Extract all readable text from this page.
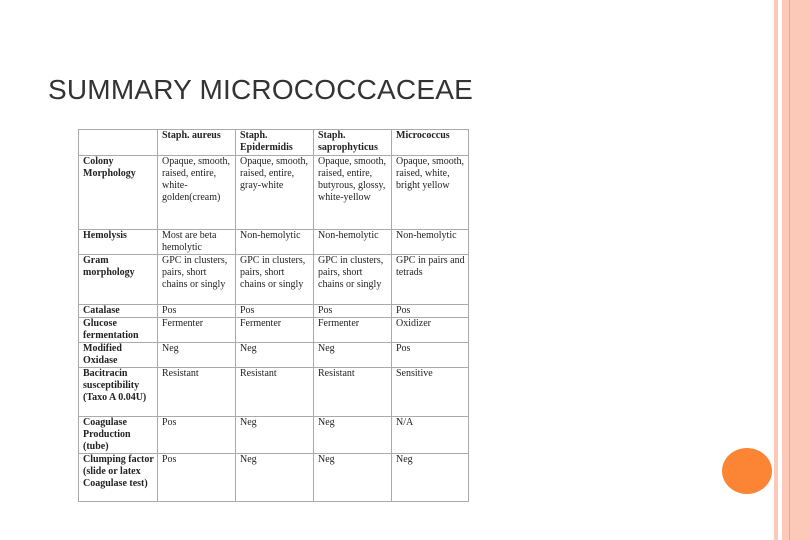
SUMMARY MICROCOCCACEAE
	Staph. aureus	Staph. Epidermidis	Staph. saprophyticus	Micrococcus
Colony Morphology	Opaque, smooth, raised, entire, white-golden(cream)	Opaque, smooth, raised, entire, gray-white	Opaque, smooth, raised, entire, butyrous, glossy, white-yellow	Opaque, smooth, raised, white, bright yellow
Hemolysis	Most are beta hemolytic	Non-hemolytic	Non-hemolytic	Non-hemolytic
Gram morphology	GPC in clusters, pairs, short chains or singly	GPC in clusters, pairs, short chains or singly	GPC in clusters, pairs, short chains or singly	GPC in pairs and tetrads
Catalase	Pos	Pos	Pos	Pos
Glucose fermentation	Fermenter	Fermenter	Fermenter	Oxidizer
Modified Oxidase	Neg	Neg	Neg	Pos
Bacitracin susceptibility (Taxo A 0.04U)	Resistant	Resistant	Resistant	Sensitive
Coagulase Production (tube)	Pos	Neg	Neg	N/A
Clumping factor (slide or latex Coagulase test)	Pos	Neg	Neg	Neg
